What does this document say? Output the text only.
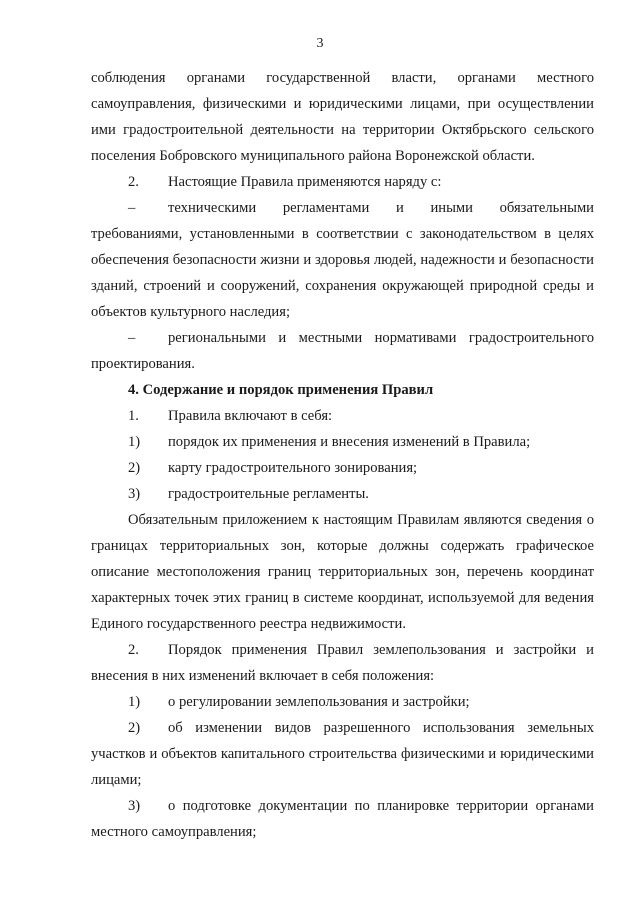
3

соблюдения органами государственной власти, органами местного самоуправления, физическими и юридическими лицами, при осуществлении ими градостроительной деятельности на территории Октябрьского сельского поселения Бобровского муниципального района Воронежской области.

2. Настоящие Правила применяются наряду с:

– техническими регламентами и иными обязательными требованиями, установленными в соответствии с законодательством в целях обеспечения безопасности жизни и здоровья людей, надежности и безопасности зданий, строений и сооружений, сохранения окружающей природной среды и объектов культурного наследия;

– региональными и местными нормативами градостроительного проектирования.

4. Содержание и порядок применения Правил

1. Правила включают в себя:

1) порядок их применения и внесения изменений в Правила;

2) карту градостроительного зонирования;

3) градостроительные регламенты.

Обязательным приложением к настоящим Правилам являются сведения о границах территориальных зон, которые должны содержать графическое описание местоположения границ территориальных зон, перечень координат характерных точек этих границ в системе координат, используемой для ведения Единого государственного реестра недвижимости.

2. Порядок применения Правил землепользования и застройки и внесения в них изменений включает в себя положения:

1) о регулировании землепользования и застройки;

2) об изменении видов разрешенного использования земельных участков и объектов капитального строительства физическими и юридическими лицами;

3) о подготовке документации по планировке территории органами местного самоуправления;
